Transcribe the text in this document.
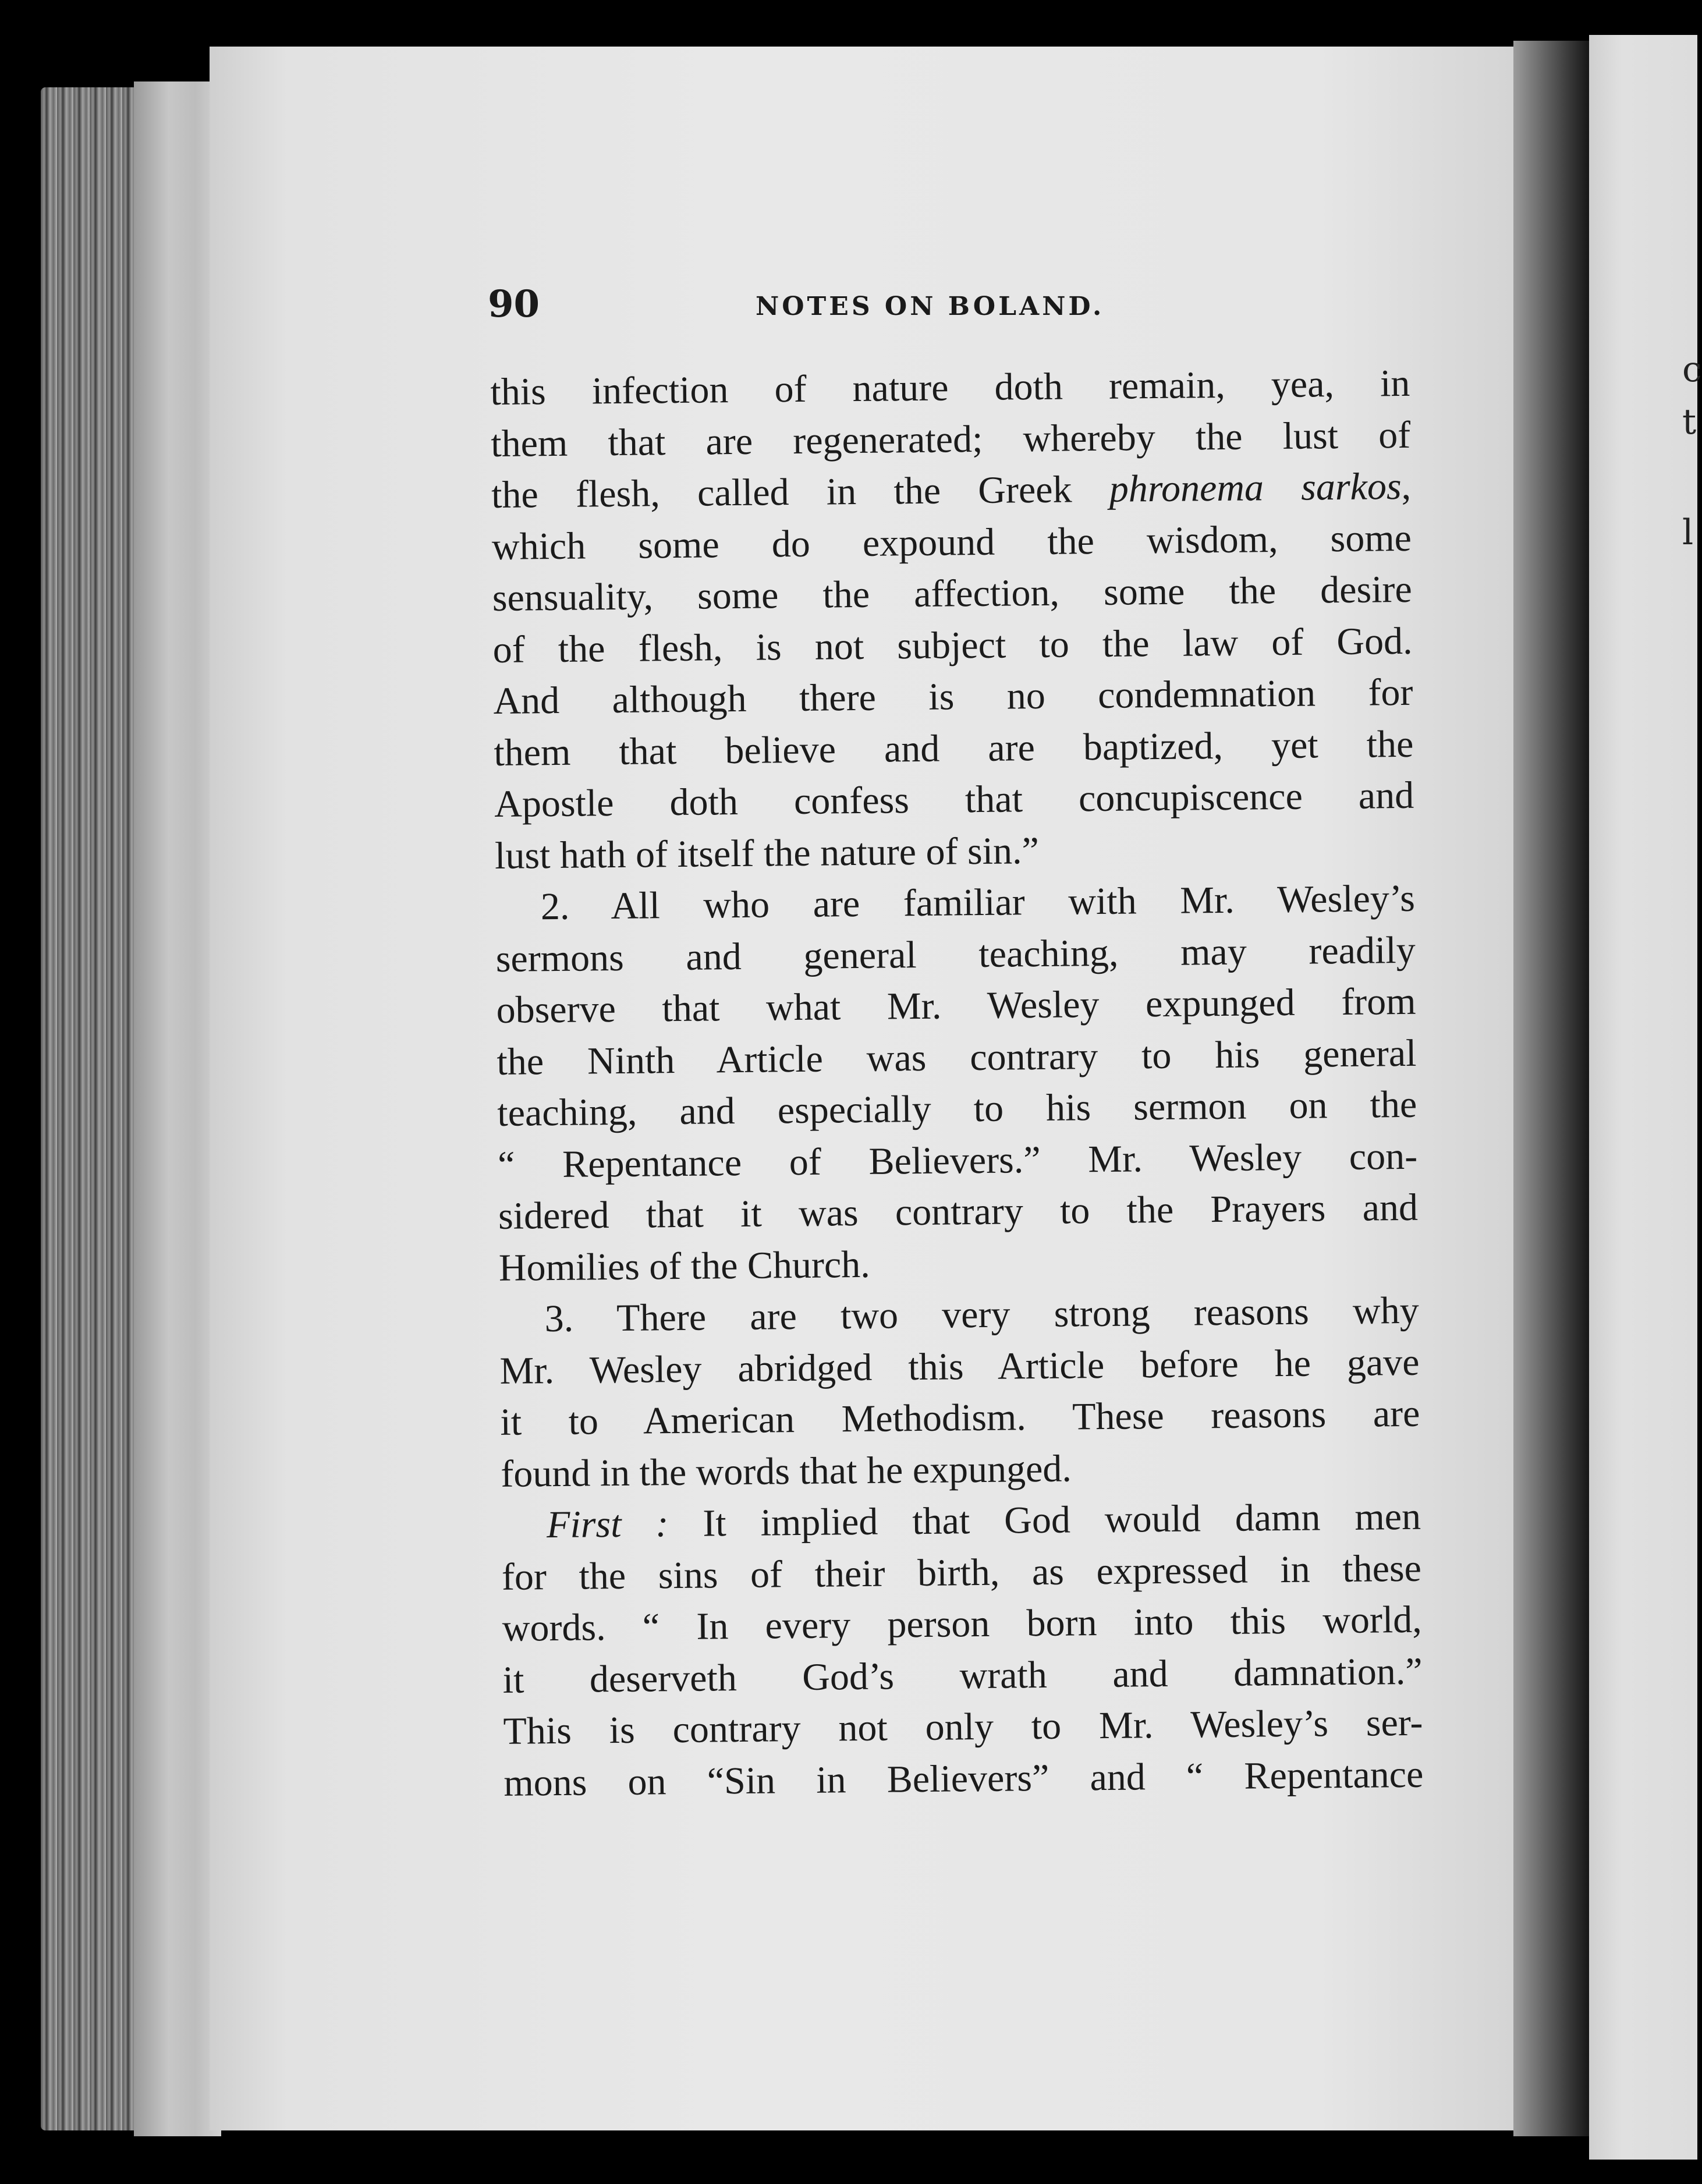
c
t
l
90	NOTES ON BOLAND.
this infection of nature doth remain, yea, in
them that are regenerated; whereby the lust of
the flesh, called in the Greek phronema sarkos,
which some do expound the wisdom, some
sensuality, some the affection, some the desire
of the flesh, is not subject to the law of God.
And although there is no condemnation for
them that believe and are baptized, yet the
Apostle doth confess that concupiscence and
lust hath of itself the nature of sin.”
2. All who are familiar with Mr. Wesley’s
sermons and general teaching, may readily
observe that what Mr. Wesley expunged from
the Ninth Article was contrary to his general
teaching, and especially to his sermon on the
“ Repentance of Believers.” Mr. Wesley con-
sidered that it was contrary to the Prayers and
Homilies of the Church.
3. There are two very strong reasons why
Mr. Wesley abridged this Article before he gave
it to American Methodism. These reasons are
found in the words that he expunged.
First : It implied that God would damn men
for the sins of their birth, as expressed in these
words. “ In every person born into this world,
it deserveth God’s wrath and damnation.”
This is contrary not only to Mr. Wesley’s ser-
mons on “Sin in Believers” and “ Repentance
